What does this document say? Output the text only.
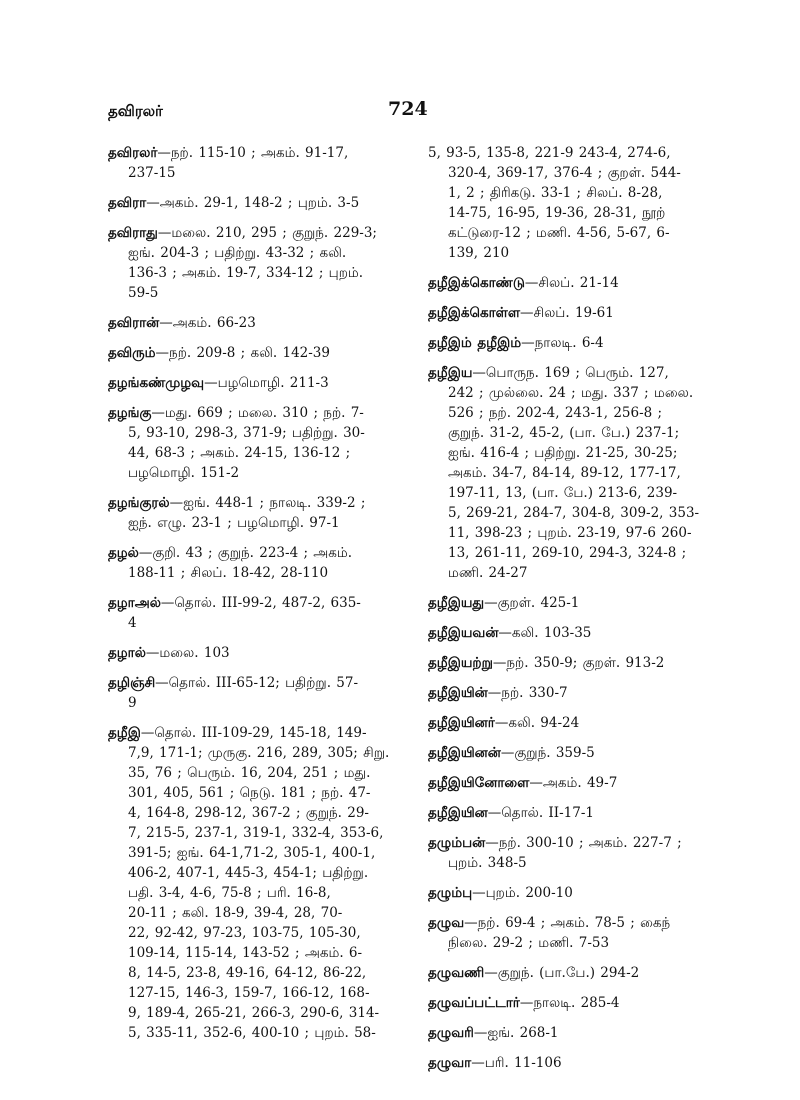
தவிரலர்	724
தவிரலர்—நற். 115-10 ; அகம். 91-17,
237-15
தவிரா—அகம். 29-1, 148-2 ; புறம். 3-5
தவிராது—மலை. 210, 295 ; குறுந். 229-3;
ஐங். 204-3 ; பதிற்று. 43-32 ; கலி.
136-3 ; அகம். 19-7, 334-12 ; புறம்.
59-5
தவிரான்—அகம். 66-23
தவிரும்—நற். 209-8 ; கலி. 142-39
தழங்கண்முழவு—பழமொழி. 211-3
தழங்கு—மது. 669 ; மலை. 310 ; நற். 7-
5, 93-10, 298-3, 371-9; பதிற்று. 30-
44, 68-3 ; அகம். 24-15, 136-12 ;
பழமொழி. 151-2
தழங்குரல்—ஐங். 448-1 ; நாலடி. 339-2 ;
ஐந். எழு. 23-1 ; பழமொழி. 97-1
தழல்—குறி. 43 ; குறுந். 223-4 ; அகம்.
188-11 ; சிலப். 18-42, 28-110
தழாஅல்—தொல். III-99-2, 487-2, 635-
4
தழால்—மலை. 103
தழிஞ்சி—தொல். III-65-12; பதிற்று. 57-
9
தழீஇ—தொல். III-109-29, 145-18, 149-
7,9, 171-1; முருகு. 216, 289, 305; சிறு.
35, 76 ; பெரும். 16, 204, 251 ; மது.
301, 405, 561 ; நெடு. 181 ; நற். 47-
4, 164-8, 298-12, 367-2 ; குறுந். 29-
7, 215-5, 237-1, 319-1, 332-4, 353-6,
391-5; ஐங். 64-1,71-2, 305-1, 400-1,
406-2, 407-1, 445-3, 454-1; பதிற்று.
பதி. 3-4, 4-6, 75-8 ; பரி. 16-8,
20-11 ; கலி. 18-9, 39-4, 28, 70-
22, 92-42, 97-23, 103-75, 105-30,
109-14, 115-14, 143-52 ; அகம். 6-
8, 14-5, 23-8, 49-16, 64-12, 86-22,
127-15, 146-3, 159-7, 166-12, 168-
9, 189-4, 265-21, 266-3, 290-6, 314-
5, 335-11, 352-6, 400-10 ; புறம். 58-
5, 93-5, 135-8, 221-9 243-4, 274-6,
320-4, 369-17, 376-4 ; குறள். 544-
1, 2 ; திரிகடு. 33-1 ; சிலப். 8-28,
14-75, 16-95, 19-36, 28-31, நூற்
கட்டுரை-12 ; மணி. 4-56, 5-67, 6-
139, 210
தழீஇக்கொண்டு—சிலப். 21-14
தழீஇக்கொள்ள—சிலப். 19-61
தழீஇம் தழீஇம்—நாலடி. 6-4
தழீஇய—பொருந. 169 ; பெரும். 127,
242 ; முல்லை. 24 ; மது. 337 ; மலை.
526 ; நற். 202-4, 243-1, 256-8 ;
குறுந். 31-2, 45-2, (பா. பே.) 237-1;
ஐங். 416-4 ; பதிற்று. 21-25, 30-25;
அகம். 34-7, 84-14, 89-12, 177-17,
197-11, 13, (பா. பே.) 213-6, 239-
5, 269-21, 284-7, 304-8, 309-2, 353-
11, 398-23 ; புறம். 23-19, 97-6 260-
13, 261-11, 269-10, 294-3, 324-8 ;
மணி. 24-27
தழீஇயது—குறள். 425-1
தழீஇயவன்—கலி. 103-35
தழீஇயற்று—நற். 350-9; குறள். 913-2
தழீஇயின்—நற். 330-7
தழீஇயினர்—கலி. 94-24
தழீஇயினன்—குறுந். 359-5
தழீஇயினோளை—அகம். 49-7
தழீஇயின—தொல். II-17-1
தழும்பன்—நற். 300-10 ; அகம். 227-7 ;
புறம். 348-5
தழும்பு—புறம். 200-10
தழுவ—நற். 69-4 ; அகம். 78-5 ; கைந்
நிலை. 29-2 ; மணி. 7-53
தழுவணி—குறுந். (பா.பே.) 294-2
தழுவப்பட்டார்—நாலடி. 285-4
தழுவரி—ஐங். 268-1
தழுவா—பரி. 11-106
